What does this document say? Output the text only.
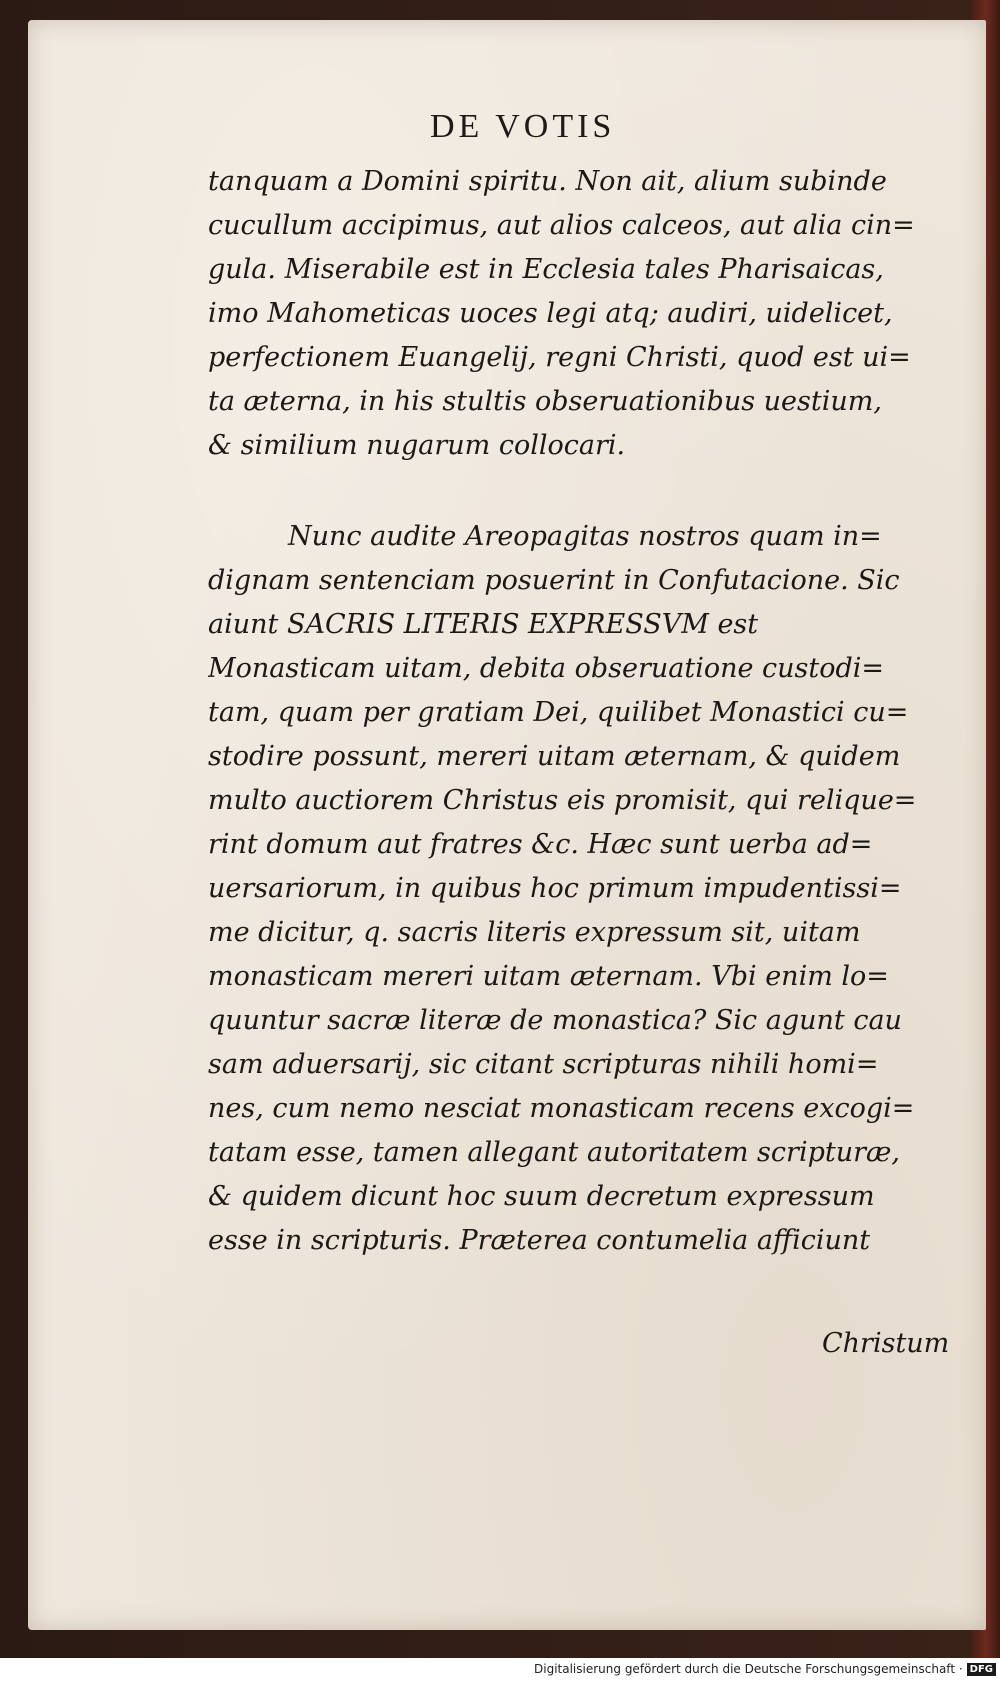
DE VOTIS
tanquam a Domini spiritu. Non ait, alium subinde
cucullum accipimus, aut alios calceos, aut alia cin=
gula. Miserabile est in Ecclesia tales Pharisaicas,
imo Mahometicas uoces legi atq; audiri, uidelicet,
perfectionem Euangelij, regni Christi, quod est ui=
ta æterna, in his stultis obseruationibus uestium,
& similium nugarum collocari.
Nunc audite Areopagitas nostros quam in=
dignam sentenciam posuerint in Confutacione. Sic
aiunt SACRIS LITERIS EXPRESSVM est
Monasticam uitam, debita obseruatione custodi=
tam, quam per gratiam Dei, quilibet Monastici cu=
stodire possunt, mereri uitam æternam, & quidem
multo auctiorem Christus eis promisit, qui relique=
rint domum aut fratres &c. Hæc sunt uerba ad=
uersariorum, in quibus hoc primum impudentissi=
me dicitur, q. sacris literis expressum sit, uitam
monasticam mereri uitam æternam. Vbi enim lo=
quuntur sacræ literæ de monastica? Sic agunt cau
sam aduersarij, sic citant scripturas nihili homi=
nes, cum nemo nesciat monasticam recens excogi=
tatam esse, tamen allegant autoritatem scripturæ,
& quidem dicunt hoc suum decretum expressum
esse in scripturis. Præterea contumelia afficiunt
Christum
Digitalisierung gefördert durch die Deutsche Forschungsgemeinschaft · DFG
